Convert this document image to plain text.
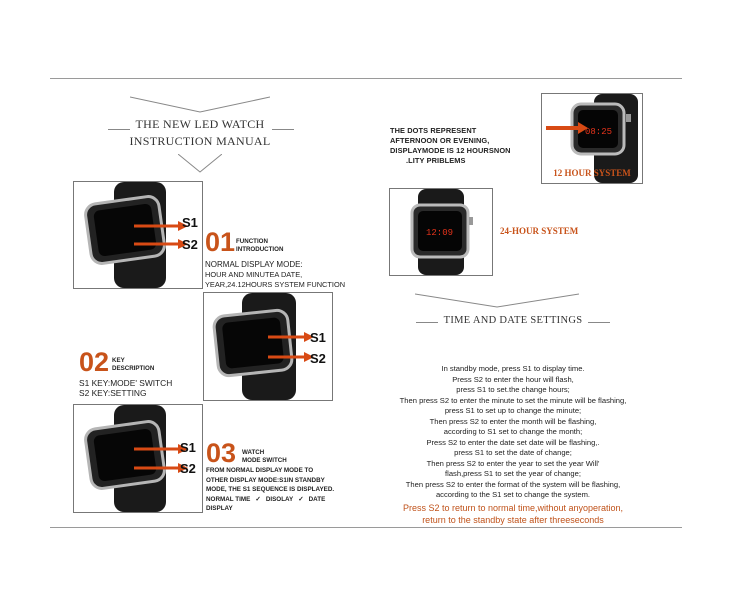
THE NEW LED WATCH
INSTRUCTION MANUAL
THE DOTS REPRESENT
AFTERNOON OR EVENING,
DISPLAYMODE IS 12 HOURSNON
.LITY PRIBLEMS
08:25
12 HOUR SYSTEM
12:09	24-HOUR SYSTEM
S1
S2 01 FUNCTION
INTRODUCTION
NORMAL DISPLAY MODE:
HOUR AND MINUTEA DATE,
YEAR,24.12HOURS SYSTEM FUNCTION
S1
S2
02 KEY
DESCRIPTION
S1 KEY:MODE' SWITCH
S2 KEY:SETTING
S1
S2
03 WATCH
MODE SWITCH
FROM NORMAL DISPLAY MODE TO
OTHER DISPLAY MODE:S1IN STANDBY
MODE, THE S1 SEQUENCE IS DISPLAYED.
NORMAL TIME ✓ DISOLAY ✓ DATE
DISPLAY
TIME AND DATE SETTINGS
In standby mode, press S1 to display time.
Press S2 to enter the hour will flash,
press S1 to set.the change hours;
Then press S2 to enter the minute to set the minute will be flashing,
press S1 to set up to change the minute;
Then press S2 to enter the month will be flashing,
according to S1 set to change the month;
Press S2 to enter the date set date will be flashing,.
press S1 to set the date of change;
Then press S2 to enter the year to set the year Will'
flash,press S1 to set the year of change;
Then press S2 to enter the format of the system will be flashing,
according to the S1 set to change the system.
Press S2 to return to normal time,without anyoperation,
return to the standby state after threeseconds
